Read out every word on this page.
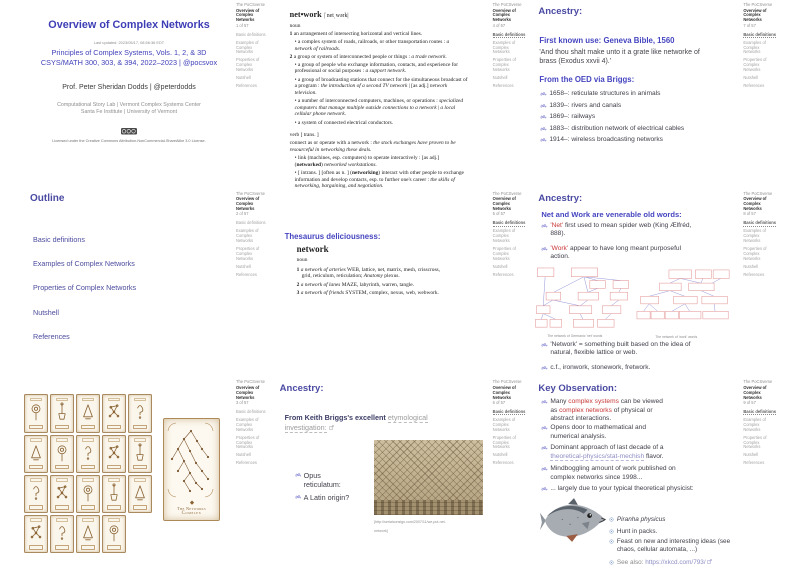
Overview of Complex Networks
Last updated: 2023/05/17, 08:56:36 EDT
Principles of Complex Systems, Vols. 1, 2, & 3D
CSYS/MATH 300, 303, & 394, 2022–2023 | @pocsvox
Prof. Peter Sheridan Dodds | @peterdodds
Computational Story Lab | Vermont Complex Systems Center
Santa Fe Institute | University of Vermont
Licensed under the Creative Commons Attribution-NonCommercial-ShareAlike 3.0 License.
The PoCSverse
Overview of Complex Networks
1 of 57
Basic definitions
Examples of Complex Networks
Properties of Complex Networks
Nutshell
References
Outline
Basic definitions
Examples of Complex Networks
Properties of Complex Networks
Nutshell
References
The PoCSverse
Overview of Complex Networks
2 of 57
Basic definitions
Examples of Complex Networks
Properties of Complex Networks
Nutshell
References
The Networks
Complex
The PoCSverse
Overview of Complex Networks
3 of 57
Basic definitions
Examples of Complex Networks
Properties of Complex Networks
Nutshell
References
net•work |ˈnetˌwərk|

noun

1 an arrangement of intersecting horizontal and vertical lines.

• a complex system of roads, railroads, or other transportation routes : a network of railroads.

2 a group or system of interconnected people or things : a trade network.

• a group of people who exchange information, contacts, and experience for professional or social purposes : a support network.

• a group of broadcasting stations that connect for the simultaneous broadcast of a program : the introduction of a second TV network | [as adj.] network television.

• a number of interconnected computers, machines, or operations : specialized computers that manage multiple outside connections to a network | a local cellular phone network.

• a system of connected electrical conductors.

verb [ trans. ]

connect as or operate with a network : the stock exchanges have proven to be resourceful in networking these deals.

• link (machines, esp. computers) to operate interactively : [as adj.] (networked) networked workstations.

• [ intrans. ] [often as n. ] (networking) interact with other people to exchange information and develop contacts, esp. to further one's career : the skills of networking, bargaining, and negotiation.

The PoCSverse
Overview of Complex Networks
4 of 57
Basic definitions
Examples of Complex Networks
Properties of Complex Networks
Nutshell
References
Thesaurus deliciousness:
network
noun

1 a network of arteries WEB, lattice, net, matrix, mesh, crisscross, grid, reticulum, reticulation; Anatomy plexus.

2 a network of lanes MAZE, labyrinth, warren, tangle.

3 a network of friends SYSTEM, complex, nexus, web, webwork.

The PoCSverse
Overview of Complex Networks
5 of 57
Basic definitions
Examples of Complex Networks
Properties of Complex Networks
Nutshell
References
Ancestry:
From Keith Briggs's excellent etymological investigation:
Opus reticulatum:
A Latin origin?
[http://serialconsign.com/2007/11/we-put-net-
network]
The PoCSverse
Overview of Complex Networks
6 of 57
Basic definitions
Examples of Complex Networks
Properties of Complex Networks
Nutshell
References
Ancestry:
First known use: Geneva Bible, 1560
'And thou shalt make unto it a grate like networke of brass (Exodus xxvii 4).'
From the OED via Briggs:
1658–: reticulate structures in animals
1839–: rivers and canals
1869–: railways
1883–: distribution network of electrical cables
1914–: wireless broadcasting networks
The PoCSverse
Overview of Complex Networks
7 of 57
Basic definitions
Examples of Complex Networks
Properties of Complex Networks
Nutshell
References
Ancestry:
Net and Work are venerable old words:
'Net' first used to mean spider web (King Ælfréd, 888).
'Work' appear to have long meant purposeful action.
The network of Germanic 'net' words	The network of 'work' words
'Network' = something built based on the idea of natural, flexible lattice or web.
c.f., ironwork, stonework, fretwork.
The PoCSverse
Overview of Complex Networks
8 of 57
Basic definitions
Examples of Complex Networks
Properties of Complex Networks
Nutshell
References
Key Observation:
Many complex systems can be viewed as complex networks of physical or abstract interactions.
Opens door to mathematical and numerical analysis.
Dominant approach of last decade of a theoretical-physics/stat-mechish flavor.
Mindboggling amount of work published on complex networks since 1998...
... largely due to your typical theoretical physicist:
Piranha physicus
Hunt in packs.
Feast on new and interesting ideas (see chaos, cellular automata, ...)
See also: https://xkcd.com/793/
The PoCSverse
Overview of Complex Networks
9 of 57
Basic definitions
Examples of Complex Networks
Properties of Complex Networks
Nutshell
References
